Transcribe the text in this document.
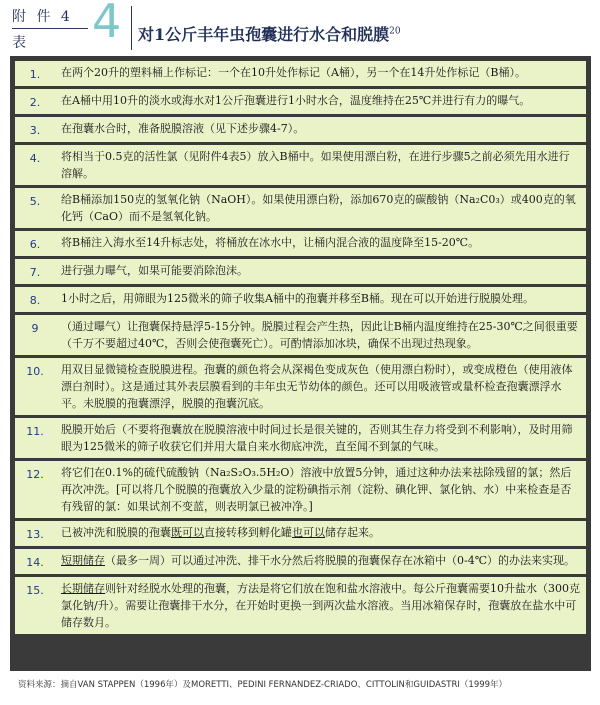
附 件 4
表 4 对1公斤丰年虫孢囊进行水合和脱膜$^{20}$
1.	在两个20升的塑料桶上作标记：一个在10升处作标记（A桶），另一个在14升处作标记（B桶）。
2.	在A桶中用10升的淡水或海水对1公斤孢囊进行1小时水合，温度维持在25℃并进行有力的曝气。
3.	在孢囊水合时，准备脱膜溶液（见下述步骤4-7）。
4.	将相当于0.5克的活性氯（见附件4表5）放入B桶中。如果使用漂白粉，在进行步骤5之前必须先用水进行溶解。
5.	给B桶添加150克的氢氧化钠（NaOH）。如果使用漂白粉，添加670克的碳酸钠（Na₂C0₃）或400克的氧化钙（CaO）而不是氢氧化钠。
6.	将B桶注入海水至14升标志处，将桶放在冰水中，让桶内混合液的温度降至15-20℃。
7.	进行强力曝气，如果可能要消除泡沫。
8.	1小时之后，用筛眼为125微米的筛子收集A桶中的孢囊并移至B桶。现在可以开始进行脱膜处理。
9	（通过曝气）让孢囊保持悬浮5-15分钟。脱膜过程会产生热，因此让B桶内温度维持在25-30℃之间很重要（千万不要超过40℃，否则会使孢囊死亡）。可酌情添加冰块，确保不出现过热现象。
10.	用双目显微镜检查脱膜进程。孢囊的颜色将会从深褐色变成灰色（使用漂白粉时），或变成橙色（使用液体漂白剂时）。这是通过其外表层膜看到的丰年虫无节幼体的颜色。还可以用吸液管或量杯检查孢囊漂浮水平。未脱膜的孢囊漂浮，脱膜的孢囊沉底。
11.	脱膜开始后（不要将孢囊放在脱膜溶液中时间过长是很关键的，否则其生存力将受到不利影响），及时用筛眼为125微米的筛子收获它们并用大量自来水彻底冲洗，直至闻不到氯的气味。
12.	将它们在0.1%的硫代硫酸钠（Na₂S₂O₃.5H₂O）溶液中放置5分钟，通过这种办法来祛除残留的氯；然后再次冲洗。[可以将几个脱膜的孢囊放入少量的淀粉碘指示剂（淀粉、碘化钾、氯化钠、水）中来检查是否有残留的氯：如果试剂不变蓝，则表明氯已被冲净。]
13.	已被冲洗和脱膜的孢囊既可以直接转移到孵化罐也可以储存起来。
14.	短期储存（最多一周）可以通过冲洗、排干水分然后将脱膜的孢囊保存在冰箱中（0-4℃）的办法来实现。
15.	长期储存则针对经脱水处理的孢囊，方法是将它们放在饱和盐水溶液中。每公斤孢囊需要10升盐水（300克氯化钠/升）。需要让孢囊排干水分，在开始时更换一到两次盐水溶液。当用冰箱保存时，孢囊放在盐水中可储存数月。
资料来源：摘自VAN STAPPEN（1996年）及MORETTI、PEDINI FERNANDEZ-CRIADO、CITTOLIN和GUIDASTRI（1999年）
